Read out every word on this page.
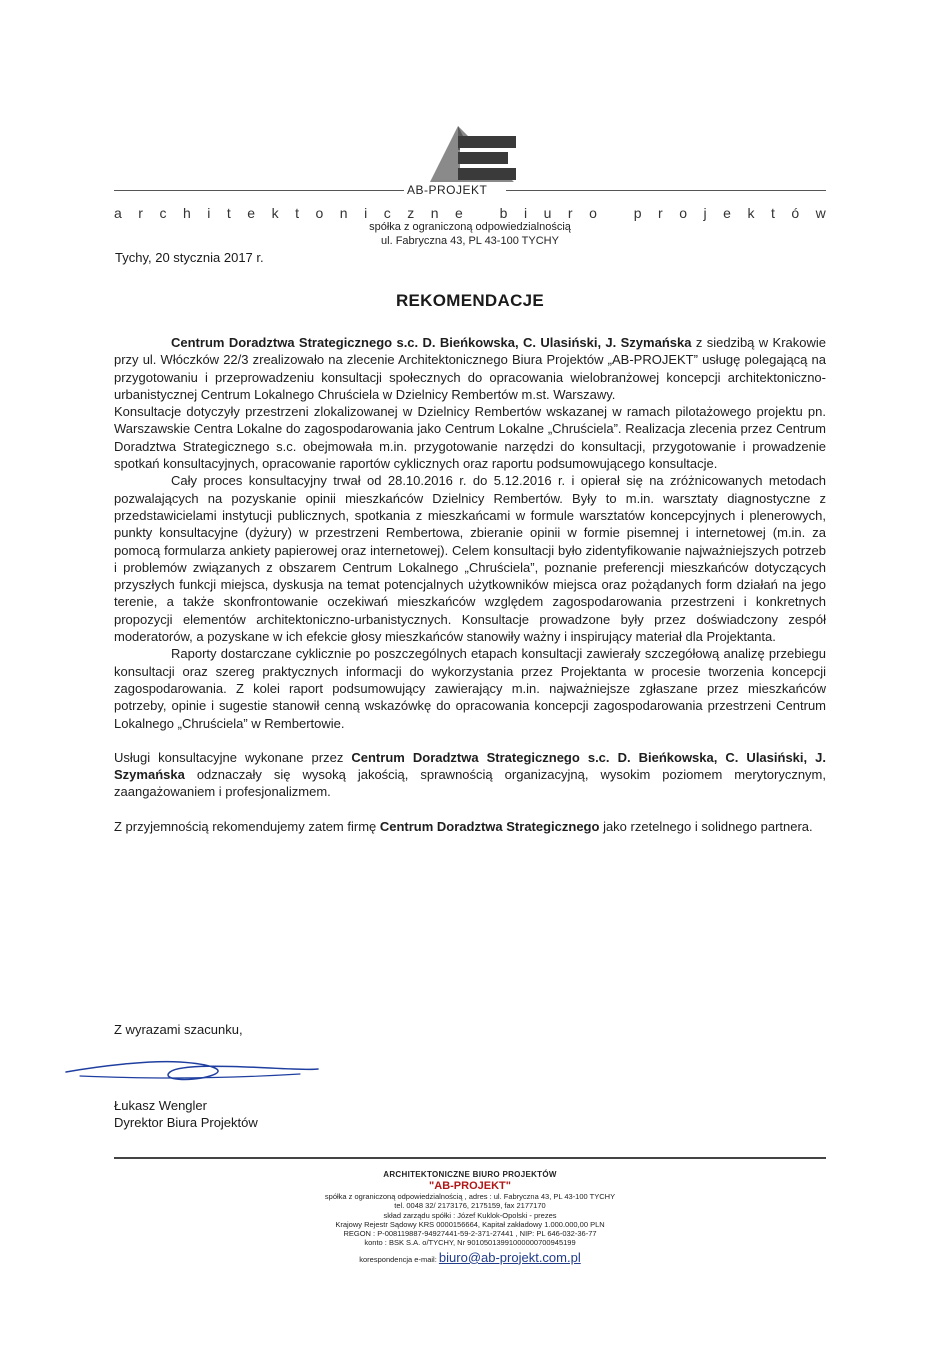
AB-PROJEKT
a r c h i t e k t o n i c z n e
	b i u r o
	p r o j e k t ó w
spółka z ograniczoną odpowiedzialnością
ul. Fabryczna 43, PL 43-100 TYCHY
Tychy, 20 stycznia 2017 r.
REKOMENDACJE

Centrum Doradztwa Strategicznego s.c. D. Bieńkowska, C. Ulasiński, J. Szymańska z siedzibą w Krakowie przy ul. Włóczków 22/3 zrealizowało na zlecenie Architektonicznego Biura Projektów „AB-PROJEKT” usługę polegającą na przygotowaniu i przeprowadzeniu konsultacji społecznych do opracowania wielobranżowej koncepcji architektoniczno-urbanistycznej Centrum Lokalnego Chruściela w Dzielnicy Rembertów m.st. Warszawy.

Konsultacje dotyczyły przestrzeni zlokalizowanej w Dzielnicy Rembertów wskazanej w ramach pilotażowego projektu pn. Warszawskie Centra Lokalne do zagospodarowania jako Centrum Lokalne „Chruściela”. Realizacja zlecenia przez Centrum Doradztwa Strategicznego s.c. obejmowała m.in. przygotowanie narzędzi do konsultacji, przygotowanie i prowadzenie spotkań konsultacyjnych, opracowanie raportów cyklicznych oraz raportu podsumowującego konsultacje.

Cały proces konsultacyjny trwał od 28.10.2016 r. do 5.12.2016 r. i opierał się na zróżnicowanych metodach pozwalających na pozyskanie opinii mieszkańców Dzielnicy Rembertów. Były to m.in. warsztaty diagnostyczne z przedstawicielami instytucji publicznych, spotkania z mieszkańcami w formule warsztatów koncepcyjnych i plenerowych, punkty konsultacyjne (dyżury) w przestrzeni Rembertowa, zbieranie opinii w formie pisemnej i internetowej (m.in. za pomocą formularza ankiety papierowej oraz internetowej). Celem konsultacji było zidentyfikowanie najważniejszych potrzeb i problemów związanych z obszarem Centrum Lokalnego „Chruściela”, poznanie preferencji mieszkańców dotyczących przyszłych funkcji miejsca, dyskusja na temat potencjalnych użytkowników miejsca oraz pożądanych form działań na jego terenie, a także skonfrontowanie oczekiwań mieszkańców względem zagospodarowania przestrzeni i konkretnych propozycji elementów architektoniczno-urbanistycznych. Konsultacje prowadzone były przez doświadczony zespół moderatorów, a pozyskane w ich efekcie głosy mieszkańców stanowiły ważny i inspirujący materiał dla Projektanta.

Raporty dostarczane cyklicznie po poszczególnych etapach konsultacji zawierały szczegółową analizę przebiegu konsultacji oraz szereg praktycznych informacji do wykorzystania przez Projektanta w procesie tworzenia koncepcji zagospodarowania. Z kolei raport podsumowujący zawierający m.in. najważniejsze zgłaszane przez mieszkańców potrzeby, opinie i sugestie stanowił cenną wskazówkę do opracowania koncepcji zagospodarowania przestrzeni Centrum Lokalnego „Chruściela” w Rembertowie.

Usługi konsultacyjne wykonane przez Centrum Doradztwa Strategicznego s.c. D. Bieńkowska, C. Ulasiński, J. Szymańska odznaczały się wysoką jakością, sprawnością organizacyjną, wysokim poziomem merytorycznym, zaangażowaniem i profesjonalizmem.

Z przyjemnością rekomendujemy zatem firmę Centrum Doradztwa Strategicznego jako rzetelnego i solidnego partnera.

Z wyrazami szacunku,
Łukasz Wengler
Dyrektor Biura Projektów
ARCHITEKTONICZNE BIURO PROJEKTÓW
"AB-PROJEKT"
spółka z ograniczoną odpowiedzialnością , adres : ul. Fabryczna 43, PL 43-100 TYCHY
tel. 0048 32/ 2173176, 2175159, fax 2177170
skład zarządu spółki : Józef Kuklok-Opolski - prezes
Krajowy Rejestr Sądowy KRS 0000156664, Kapitał zakładowy 1.000.000,00 PLN
REGON : P-008119887-94927441-59-2-371-27441 , NIP: PL 646-032-36-77
konto : BSK S.A. o/TYCHY, Nr 90105013991000000700945199
korespondencja e-mail: biuro@ab-projekt.com.pl
